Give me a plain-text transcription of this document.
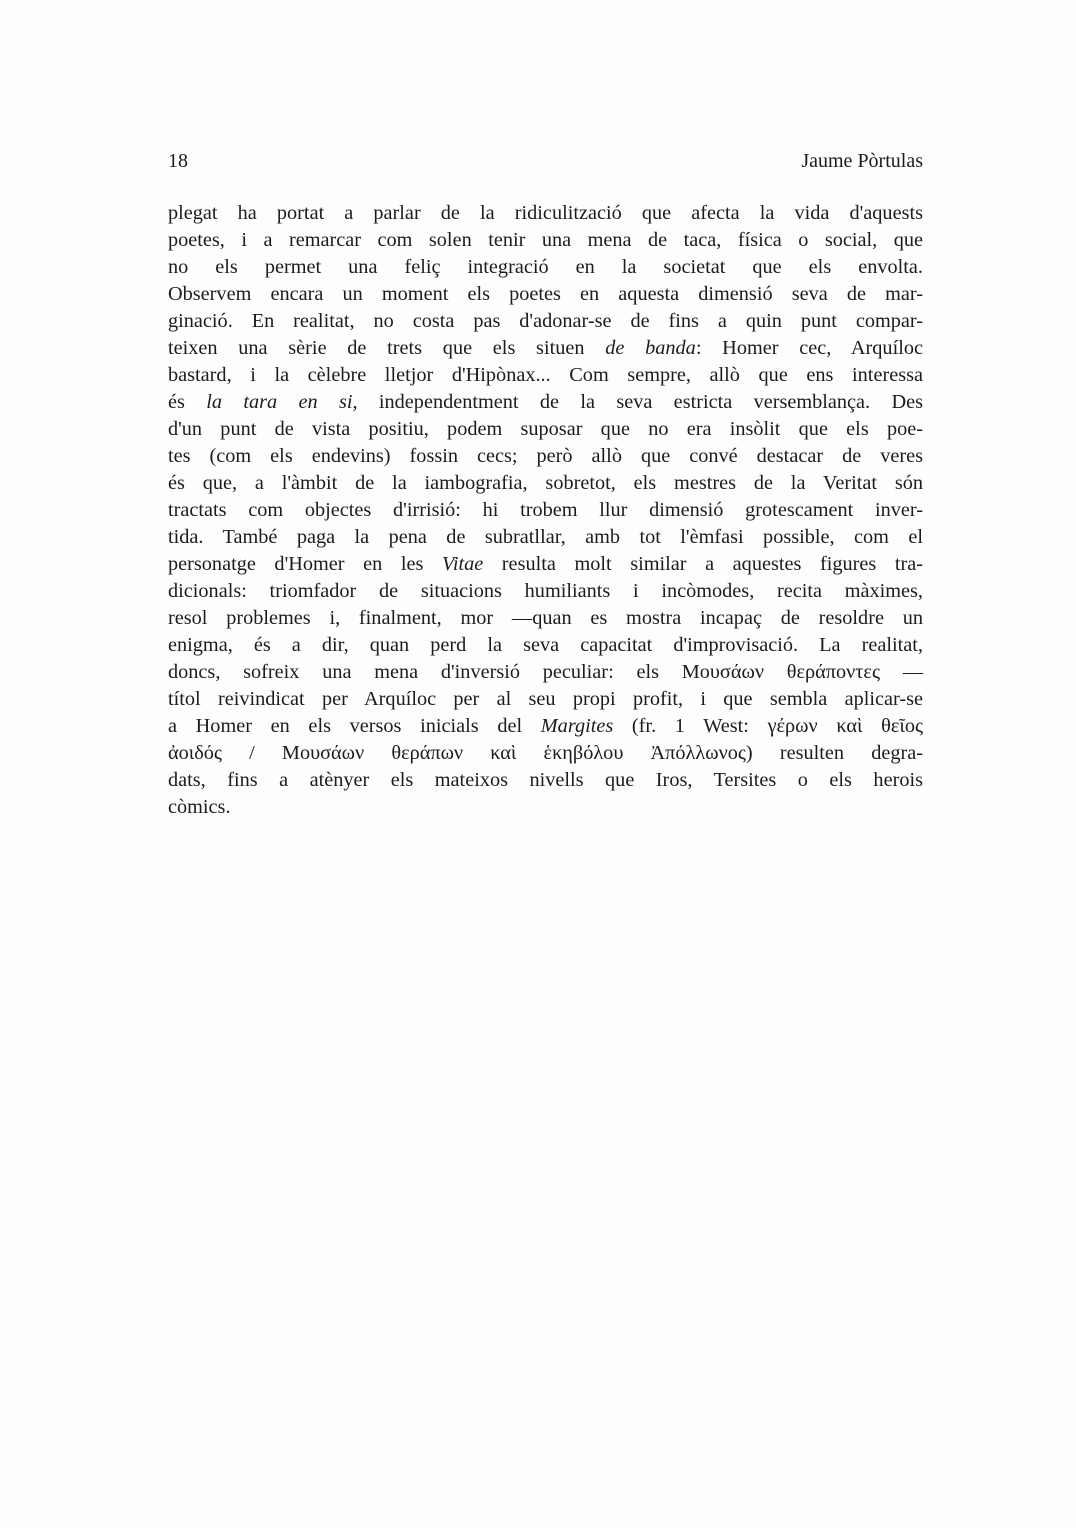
18	Jaume Pòrtulas
plegat ha portat a parlar de la ridiculització que afecta la vida d'aquests
poetes, i a remarcar com solen tenir una mena de taca, física o social, que
no els permet una feliç integració en la societat que els envolta.
Observem encara un moment els poetes en aquesta dimensió seva de mar-
ginació. En realitat, no costa pas d'adonar-se de fins a quin punt compar-
teixen una sèrie de trets que els situen de banda: Homer cec, Arquíloc
bastard, i la cèlebre lletjor d'Hipònax... Com sempre, allò que ens interessa
és la tara en si, independentment de la seva estricta versemblança. Des
d'un punt de vista positiu, podem suposar que no era insòlit que els poe-
tes (com els endevins) fossin cecs; però allò que convé destacar de veres
és que, a l'àmbit de la iambografia, sobretot, els mestres de la Veritat són
tractats com objectes d'irrisió: hi trobem llur dimensió grotescament inver-
tida. També paga la pena de subratllar, amb tot l'èmfasi possible, com el
personatge d'Homer en les Vitae resulta molt similar a aquestes figures tra-
dicionals: triomfador de situacions humiliants i incòmodes, recita màximes,
resol problemes i, finalment, mor —quan es mostra incapaç de resoldre un
enigma, és a dir, quan perd la seva capacitat d'improvisació. La realitat,
doncs, sofreix una mena d'inversió peculiar: els Μουσάων θεράποντες —
títol reivindicat per Arquíloc per al seu propi profit, i que sembla aplicar-se
a Homer en els versos inicials del Margites (fr. 1 West: γέρων καὶ θεῖος
ἀοιδός / Μουσάων θεράπων καὶ ἑκηβόλου Ἀπόλλωνος) resulten degra-
dats, fins a atènyer els mateixos nivells que Iros, Tersites o els herois
còmics.
